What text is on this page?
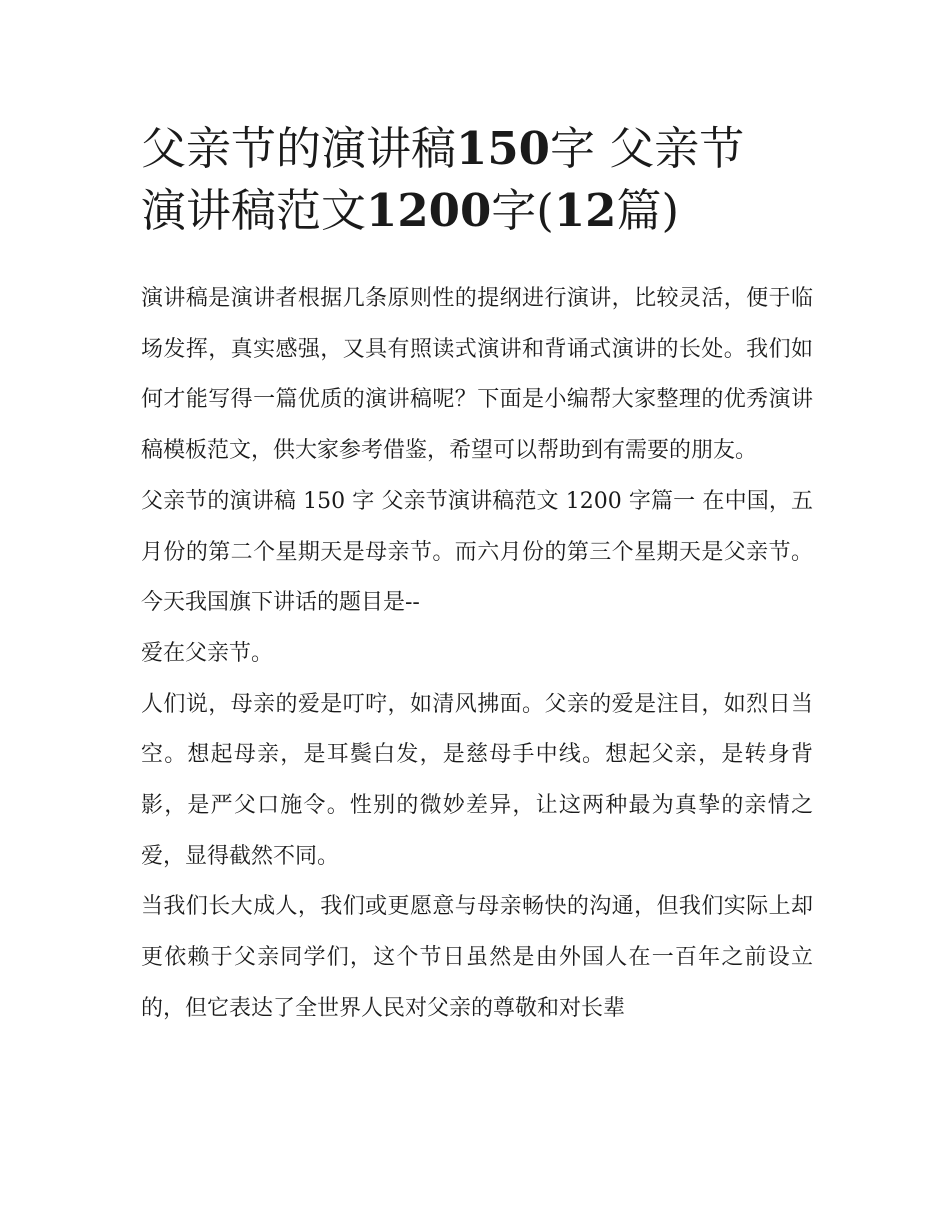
父亲节的演讲稿150字 父亲节
演讲稿范文1200字(12篇)

演讲稿是演讲者根据几条原则性的提纲进行演讲，比较灵活，便于临场发挥，真实感强，又具有照读式演讲和背诵式演讲的长处。我们如何才能写得一篇优质的演讲稿呢？下面是小编帮大家整理的优秀演讲稿模板范文，供大家参考借鉴，希望可以帮助到有需要的朋友。

父亲节的演讲稿 150 字 父亲节演讲稿范文 1200 字篇一 在中国，五月份的第二个星期天是母亲节。而六月份的第三个星期天是父亲节。今天我国旗下讲话的题目是--

爱在父亲节。

人们说，母亲的爱是叮咛，如清风拂面。父亲的爱是注目，如烈日当空。想起母亲，是耳鬓白发，是慈母手中线。想起父亲，是转身背影，是严父口施令。性别的微妙差异，让这两种最为真挚的亲情之爱，显得截然不同。

当我们长大成人，我们或更愿意与母亲畅快的沟通，但我们实际上却更依赖于父亲同学们，这个节日虽然是由外国人在一百年之前设立的，但它表达了全世界人民对父亲的尊敬和对长辈
